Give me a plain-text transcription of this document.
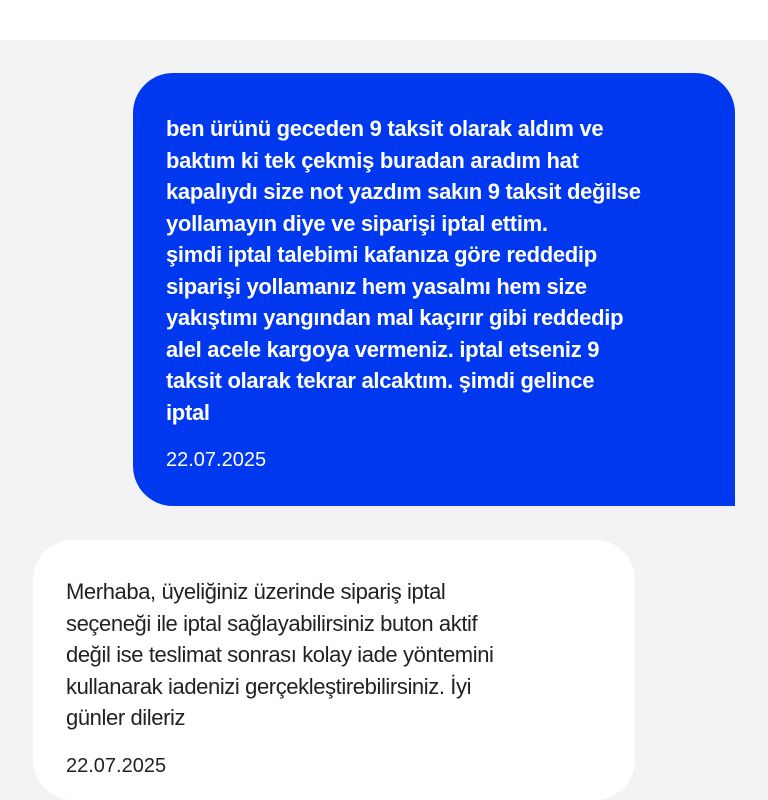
ben ürünü geceden 9 taksit olarak aldım ve
baktım ki tek çekmiş buradan aradım hat
kapalıydı size not yazdım sakın 9 taksit değilse
yollamayın diye ve siparişi iptal ettim.
şimdi iptal talebimi kafanıza göre reddedip
siparişi yollamanız hem yasalmı hem size
yakıştımı yangından mal kaçırır gibi reddedip
alel acele kargoya vermeniz. iptal etseniz 9
taksit olarak tekrar alcaktım. şimdi gelince
iptal
22.07.2025
Merhaba, üyeliğiniz üzerinde sipariş iptal
seçeneği ile iptal sağlayabilirsiniz buton aktif
değil ise teslimat sonrası kolay iade yöntemini
kullanarak iadenizi gerçekleştirebilirsiniz. İyi
günler dileriz
22.07.2025
